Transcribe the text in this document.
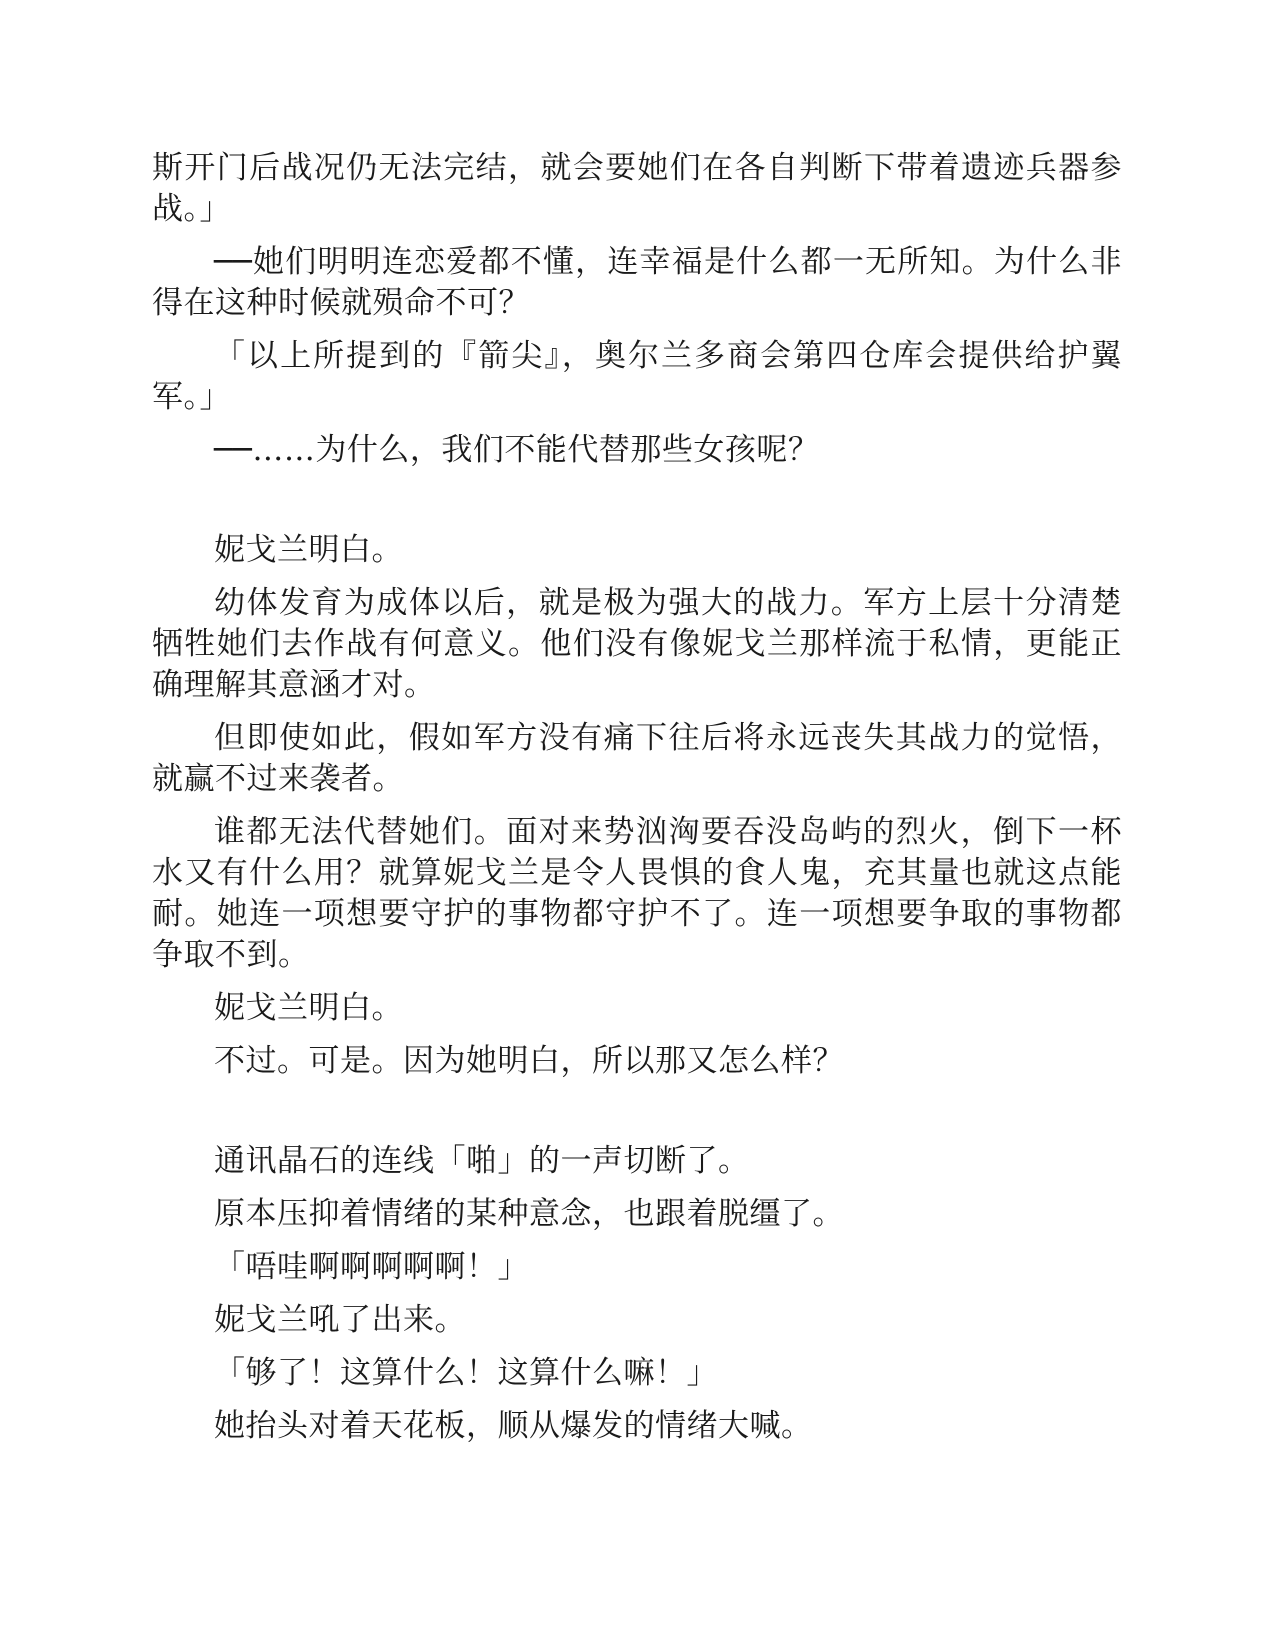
斯开门后战况仍无法完结，就会要她们在各自判断下带着遗迹兵器参战。」

──她们明明连恋爱都不懂，连幸福是什么都一无所知。为什么非得在这种时候就殒命不可？

「以上所提到的『箭尖』，奥尔兰多商会第四仓库会提供给护翼军。」

──……为什么，我们不能代替那些女孩呢？

妮戈兰明白。

幼体发育为成体以后，就是极为强大的战力。军方上层十分清楚牺牲她们去作战有何意义。他们没有像妮戈兰那样流于私情，更能正确理解其意涵才对。

但即使如此，假如军方没有痛下往后将永远丧失其战力的觉悟，就赢不过来袭者。

谁都无法代替她们。面对来势汹洶要吞没岛屿的烈火，倒下一杯水又有什么用？就算妮戈兰是令人畏惧的食人鬼，充其量也就这点能耐。她连一项想要守护的事物都守护不了。连一项想要争取的事物都争取不到。

妮戈兰明白。

不过。可是。因为她明白，所以那又怎么样？

通讯晶石的连线「啪」的一声切断了。

原本压抑着情绪的某种意念，也跟着脱缰了。

「唔哇啊啊啊啊啊！」

妮戈兰吼了出来。

「够了！这算什么！这算什么嘛！」

她抬头对着天花板，顺从爆发的情绪大喊。
